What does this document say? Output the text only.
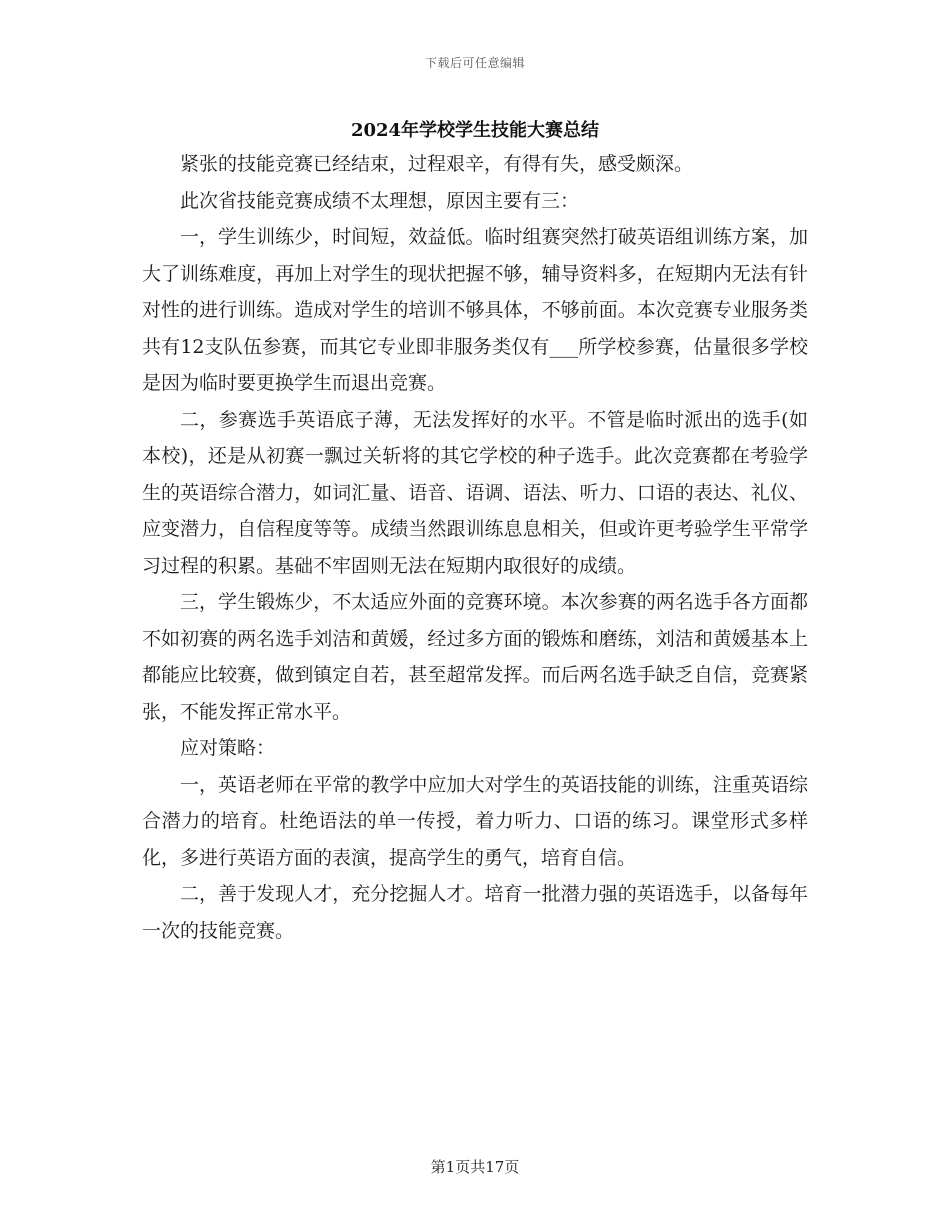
下载后可任意编辑
2024年学校学生技能大赛总结

紧张的技能竞赛已经结束，过程艰辛，有得有失，感受颇深。

此次省技能竞赛成绩不太理想，原因主要有三：

一，学生训练少，时间短，效益低。临时组赛突然打破英语组训练方案，加大了训练难度，再加上对学生的现状把握不够，辅导资料多，在短期内无法有针对性的进行训练。造成对学生的培训不够具体，不够前面。本次竞赛专业服务类共有12支队伍参赛，而其它专业即非服务类仅有___所学校参赛，估量很多学校是因为临时要更换学生而退出竞赛。

二，参赛选手英语底子薄，无法发挥好的水平。不管是临时派出的选手(如本校)，还是从初赛一飘过关斩将的其它学校的种子选手。此次竞赛都在考验学生的英语综合潜力，如词汇量、语音、语调、语法、听力、口语的表达、礼仪、应变潜力，自信程度等等。成绩当然跟训练息息相关，但或许更考验学生平常学习过程的积累。基础不牢固则无法在短期内取很好的成绩。

三，学生锻炼少，不太适应外面的竞赛环境。本次参赛的两名选手各方面都不如初赛的两名选手刘洁和黄媛，经过多方面的锻炼和磨练，刘洁和黄媛基本上都能应比较赛，做到镇定自若，甚至超常发挥。而后两名选手缺乏自信，竞赛紧张，不能发挥正常水平。

应对策略：

一，英语老师在平常的教学中应加大对学生的英语技能的训练，注重英语综合潜力的培育。杜绝语法的单一传授，着力听力、口语的练习。课堂形式多样化，多进行英语方面的表演，提高学生的勇气，培育自信。

二，善于发现人才，充分挖掘人才。培育一批潜力强的英语选手，以备每年一次的技能竞赛。

第1页共17页
